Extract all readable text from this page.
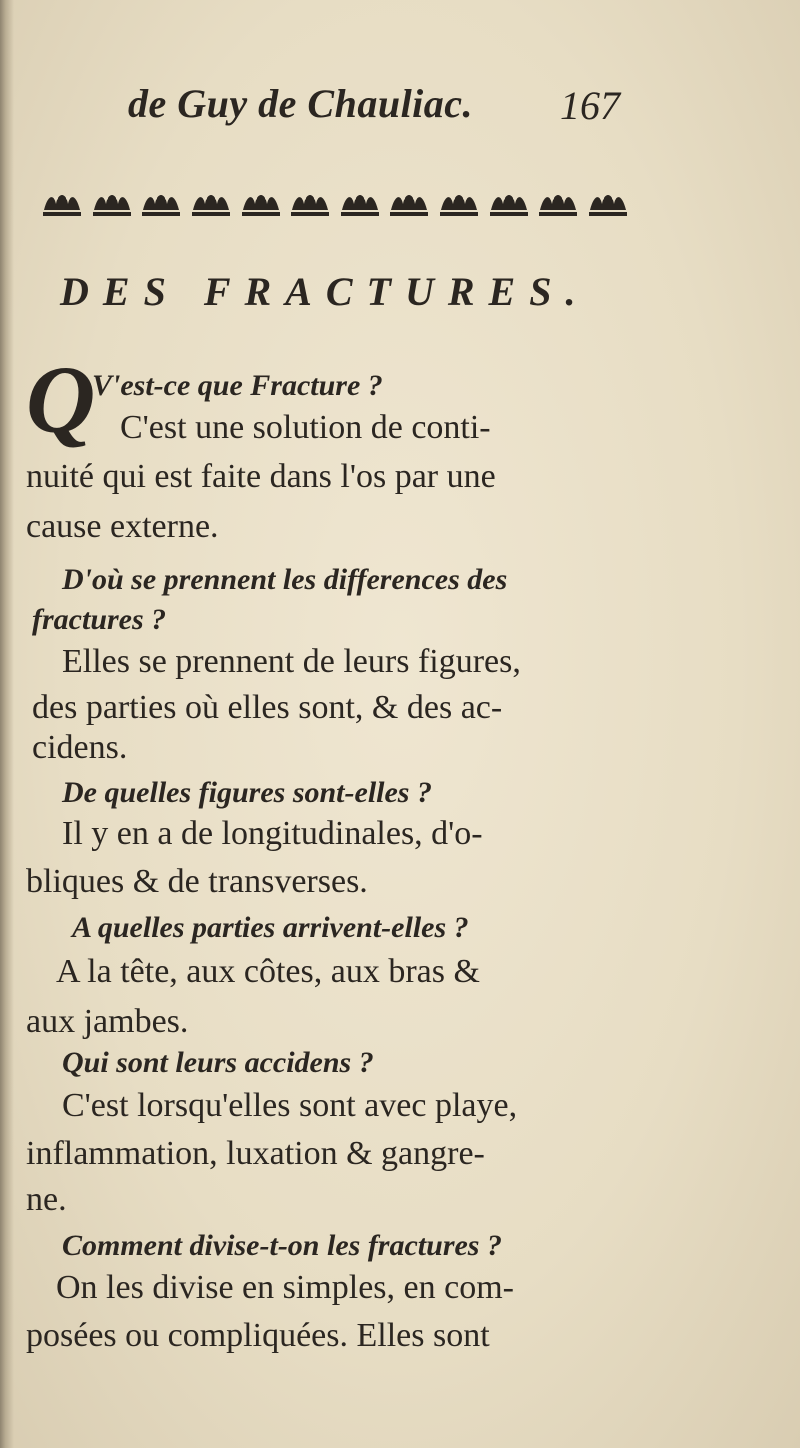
de Guy de Chauliac. 167
DES FRACTURES.
Q
V'est-ce que Fracture ?
C'est une solution de conti-
nuité qui est faite dans l'os par une
cause externe.
D'où se prennent les differences des
fractures ?
Elles se prennent de leurs figures,
des parties où elles sont, & des ac-
cidens.
De quelles figures sont-elles ?
Il y en a de longitudinales, d'o-
bliques & de transverses.
A quelles parties arrivent-elles ?
A la tête, aux côtes, aux bras &
aux jambes.
Qui sont leurs accidens ?
C'est lorsqu'elles sont avec playe,
inflammation, luxation & gangre-
ne.
Comment divise-t-on les fractures ?
On les divise en simples, en com-
posées ou compliquées. Elles sont
